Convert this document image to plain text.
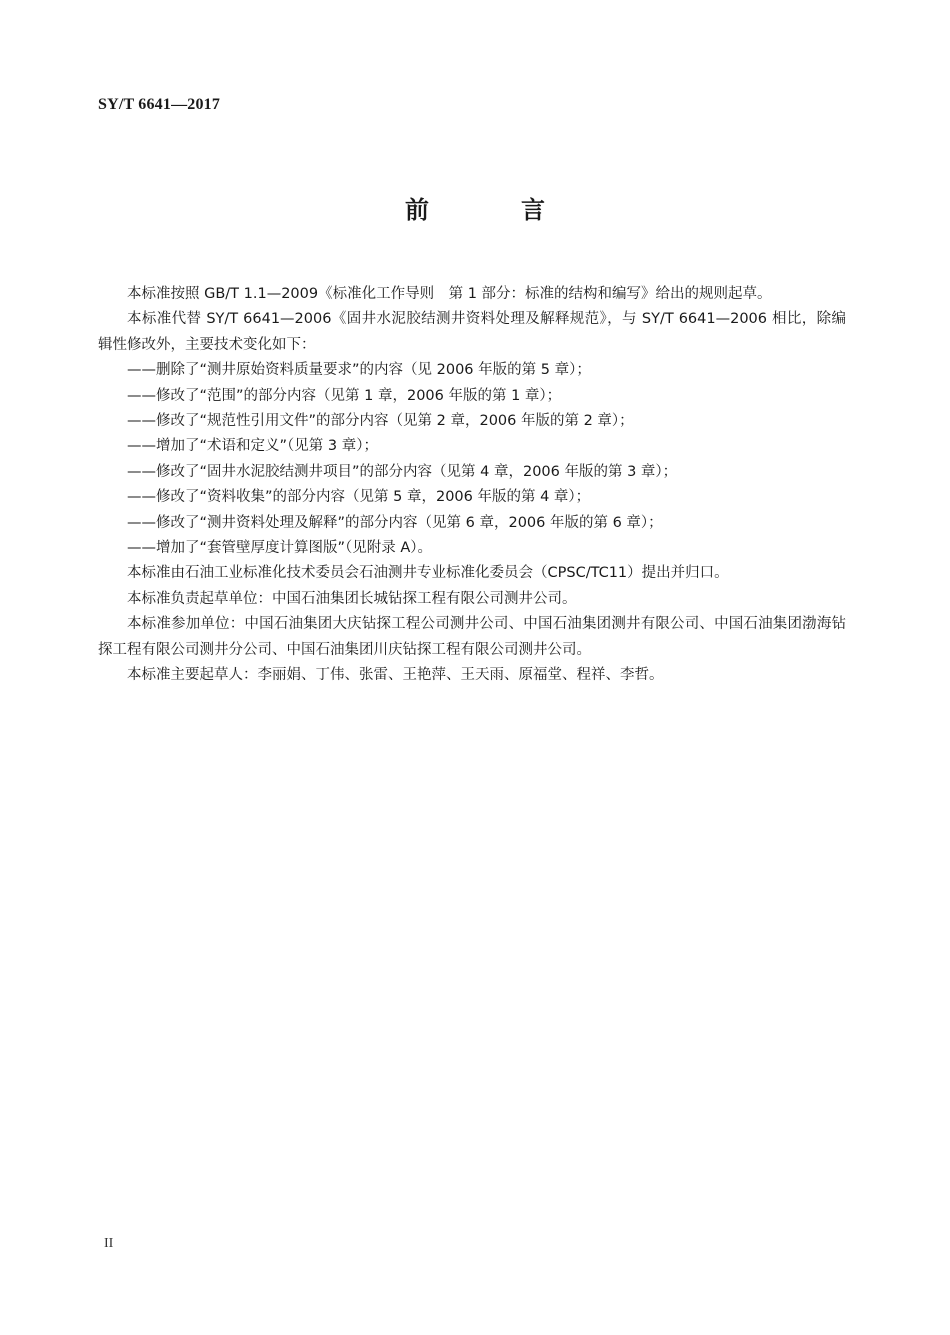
SY/T 6641—2017
前　言

本标准按照 GB/T 1.1—2009《标准化工作导则　第 1 部分：标准的结构和编写》给出的规则起草。

本标准代替 SY/T 6641—2006《固井水泥胶结测井资料处理及解释规范》，与 SY/T 6641—2006 相比，除编辑性修改外，主要技术变化如下：

——删除了“测井原始资料质量要求”的内容（见 2006 年版的第 5 章）；

——修改了“范围”的部分内容（见第 1 章，2006 年版的第 1 章）；

——修改了“规范性引用文件”的部分内容（见第 2 章，2006 年版的第 2 章）；

——增加了“术语和定义”（见第 3 章）；

——修改了“固井水泥胶结测井项目”的部分内容（见第 4 章，2006 年版的第 3 章）；

——修改了“资料收集”的部分内容（见第 5 章，2006 年版的第 4 章）；

——修改了“测井资料处理及解释”的部分内容（见第 6 章，2006 年版的第 6 章）；

——增加了“套管壁厚度计算图版”（见附录 A）。

本标准由石油工业标准化技术委员会石油测井专业标准化委员会（CPSC/TC11）提出并归口。

本标准负责起草单位：中国石油集团长城钻探工程有限公司测井公司。

本标准参加单位：中国石油集团大庆钻探工程公司测井公司、中国石油集团测井有限公司、中国石油集团渤海钻探工程有限公司测井分公司、中国石油集团川庆钻探工程有限公司测井公司。

本标准主要起草人：李丽娟、丁伟、张雷、王艳萍、王天雨、原福堂、程祥、李哲。

II
